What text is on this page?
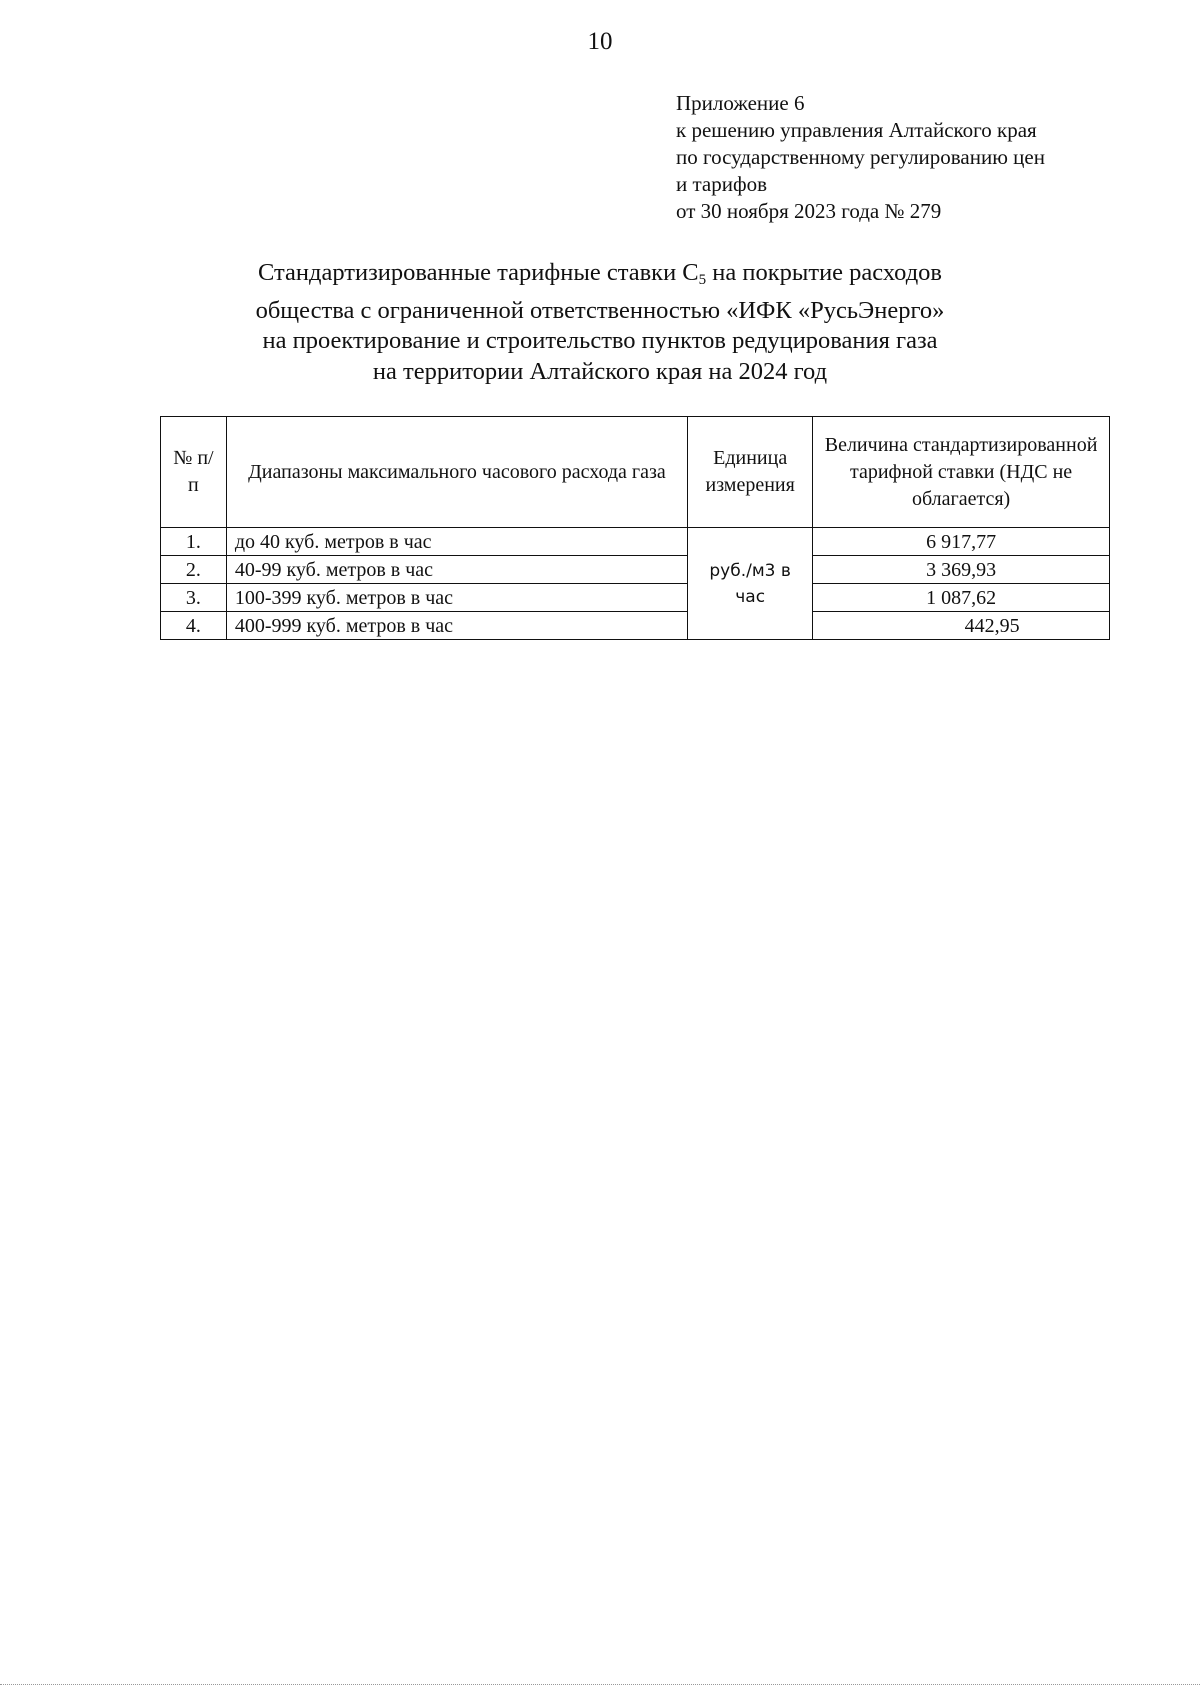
10
Приложение 6
к решению управления Алтайского края
по государственному регулированию цен
и тарифов
от 30 ноября 2023 года № 279
Стандартизированные тарифные ставки $С_5$ на покрытие расходов
общества с ограниченной ответственностью «ИФК «РусьЭнерго»
на проектирование и строительство пунктов редуцирования газа
на территории Алтайского края на 2024 год
№ п/п	Диапазоны максимального часового расхода газа	Единица измерения	Величина стандартизированной тарифной ставки (НДС не облагается)
1.	до 40 куб. метров в час	руб./м3 в час	6 917,77
2.	40-99 куб. метров в час		3 369,93
3.	100-399 куб. метров в час		1 087,62
4.	400-999 куб. метров в час		442,95
